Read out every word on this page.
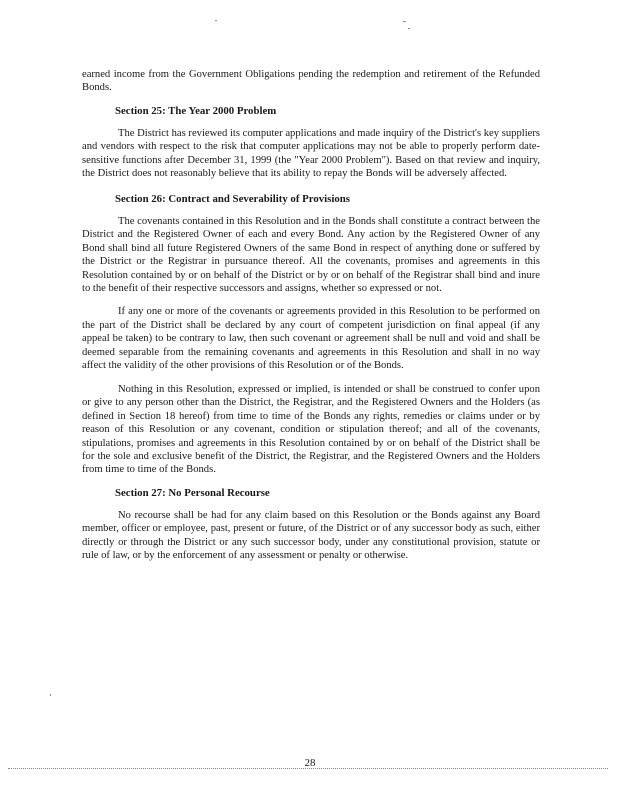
earned income from the Government Obligations pending the redemption and retirement of the Refunded Bonds.

Section 25: The Year 2000 Problem

The District has reviewed its computer applications and made inquiry of the District's key suppliers and vendors with respect to the risk that computer applications may not be able to properly perform date-sensitive functions after December 31, 1999 (the "Year 2000 Problem"). Based on that review and inquiry, the District does not reasonably believe that its ability to repay the Bonds will be adversely affected.

Section 26: Contract and Severability of Provisions

The covenants contained in this Resolution and in the Bonds shall constitute a contract between the District and the Registered Owner of each and every Bond. Any action by the Registered Owner of any Bond shall bind all future Registered Owners of the same Bond in respect of anything done or suffered by the District or the Registrar in pursuance thereof. All the covenants, promises and agreements in this Resolution contained by or on behalf of the District or by or on behalf of the Registrar shall bind and inure to the benefit of their respective successors and assigns, whether so expressed or not.

If any one or more of the covenants or agreements provided in this Resolution to be performed on the part of the District shall be declared by any court of competent jurisdiction on final appeal (if any appeal be taken) to be contrary to law, then such covenant or agreement shall be null and void and shall be deemed separable from the remaining covenants and agreements in this Resolution and shall in no way affect the validity of the other provisions of this Resolution or of the Bonds.

Nothing in this Resolution, expressed or implied, is intended or shall be construed to confer upon or give to any person other than the District, the Registrar, and the Registered Owners and the Holders (as defined in Section 18 hereof) from time to time of the Bonds any rights, remedies or claims under or by reason of this Resolution or any covenant, condition or stipulation thereof; and all of the covenants, stipulations, promises and agreements in this Resolution contained by or on behalf of the District shall be for the sole and exclusive benefit of the District, the Registrar, and the Registered Owners and the Holders from time to time of the Bonds.

Section 27: No Personal Recourse

No recourse shall be had for any claim based on this Resolution or the Bonds against any Board member, officer or employee, past, present or future, of the District or of any successor body as such, either directly or through the District or any such successor body, under any constitutional provision, statute or rule of law, or by the enforcement of any assessment or penalty or otherwise.

28
